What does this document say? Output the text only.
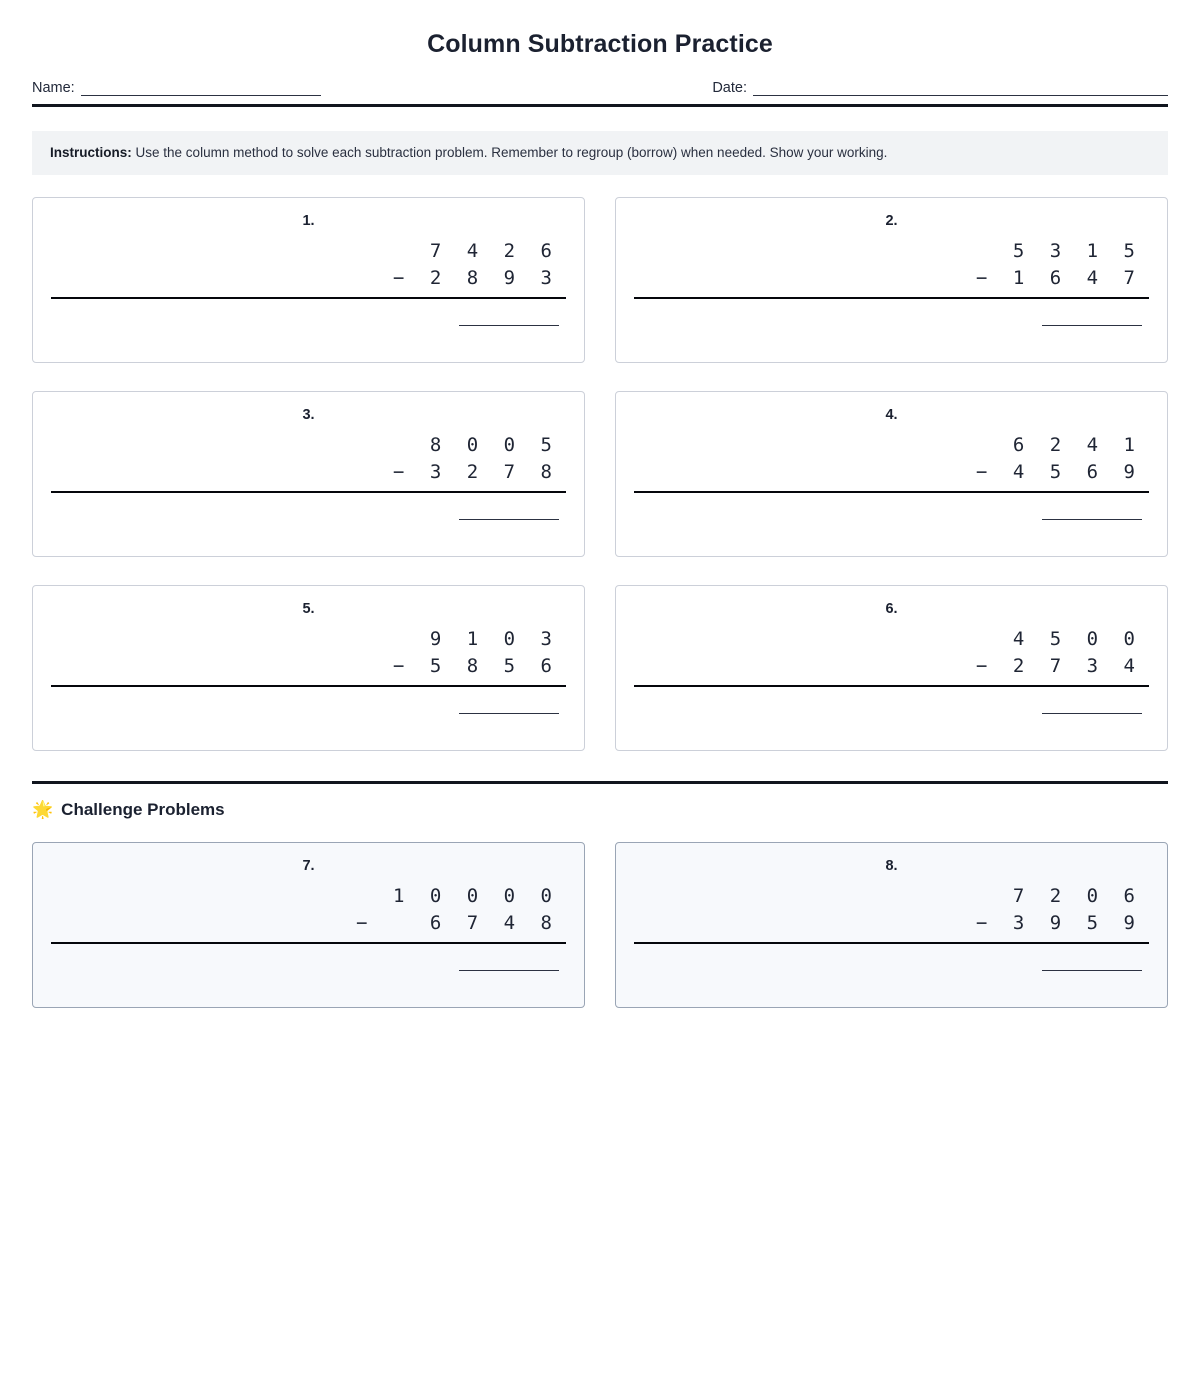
Column Subtraction Practice
Name:	Date:
Instructions: Use the column method to solve each subtraction problem. Remember to regroup (borrow) when needed. Show your working.
1.
7 4 2 6
− 2 8 9 3
2.
5 3 1 5
− 1 6 4 7
3.
8 0 0 5
− 3 2 7 8
4.
6 2 4 1
− 4 5 6 9
5.
9 1 0 3
− 5 8 5 6
6.
4 5 0 0
− 2 7 3 4
🌟 Challenge Problems
7.
1 0 0 0 0
−   6 7 4 8
8.
7 2 0 6
− 3 9 5 9
